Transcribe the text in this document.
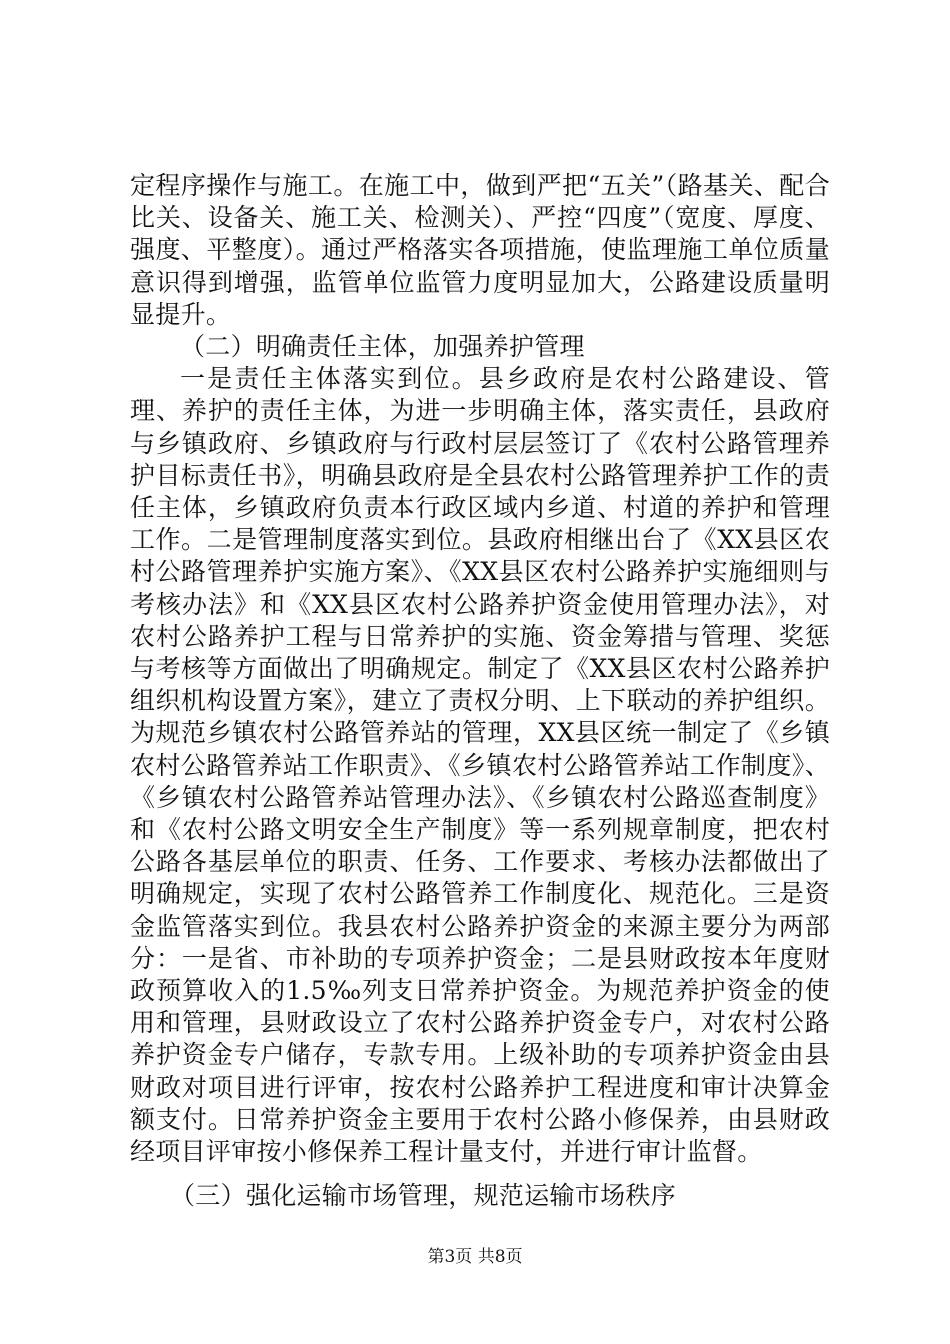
定程序操作与施工。在施工中，做到严把“五关”（路基关、配合比关、设备关、施工关、检测关）、严控“四度”（宽度、厚度、强度、平整度）。通过严格落实各项措施，使监理施工单位质量意识得到增强，监管单位监管力度明显加大，公路建设质量明显提升。

（二）明确责任主体，加强养护管理

一是责任主体落实到位。县乡政府是农村公路建设、管理、养护的责任主体，为进一步明确主体，落实责任，县政府与乡镇政府、乡镇政府与行政村层层签订了《农村公路管理养护目标责任书》，明确县政府是全县农村公路管理养护工作的责任主体，乡镇政府负责本行政区域内乡道、村道的养护和管理工作。二是管理制度落实到位。县政府相继出台了《XX县区农村公路管理养护实施方案》、《XX县区农村公路养护实施细则与考核办法》和《XX县区农村公路养护资金使用管理办法》，对农村公路养护工程与日常养护的实施、资金筹措与管理、奖惩与考核等方面做出了明确规定。制定了《XX县区农村公路养护组织机构设置方案》，建立了责权分明、上下联动的养护组织。为规范乡镇农村公路管养站的管理，XX县区统一制定了《乡镇农村公路管养站工作职责》、《乡镇农村公路管养站工作制度》、《乡镇农村公路管养站管理办法》、《乡镇农村公路巡查制度》和《农村公路文明安全生产制度》等一系列规章制度，把农村公路各基层单位的职责、任务、工作要求、考核办法都做出了明确规定，实现了农村公路管养工作制度化、规范化。三是资金监管落实到位。我县农村公路养护资金的来源主要分为两部分：一是省、市补助的专项养护资金；二是县财政按本年度财政预算收入的1.5‰列支日常养护资金。为规范养护资金的使用和管理，县财政设立了农村公路养护资金专户，对农村公路养护资金专户储存，专款专用。上级补助的专项养护资金由县财政对项目进行评审，按农村公路养护工程进度和审计决算金额支付。日常养护资金主要用于农村公路小修保养，由县财政经项目评审按小修保养工程计量支付，并进行审计监督。

（三）强化运输市场管理，规范运输市场秩序

第3页 共8页
